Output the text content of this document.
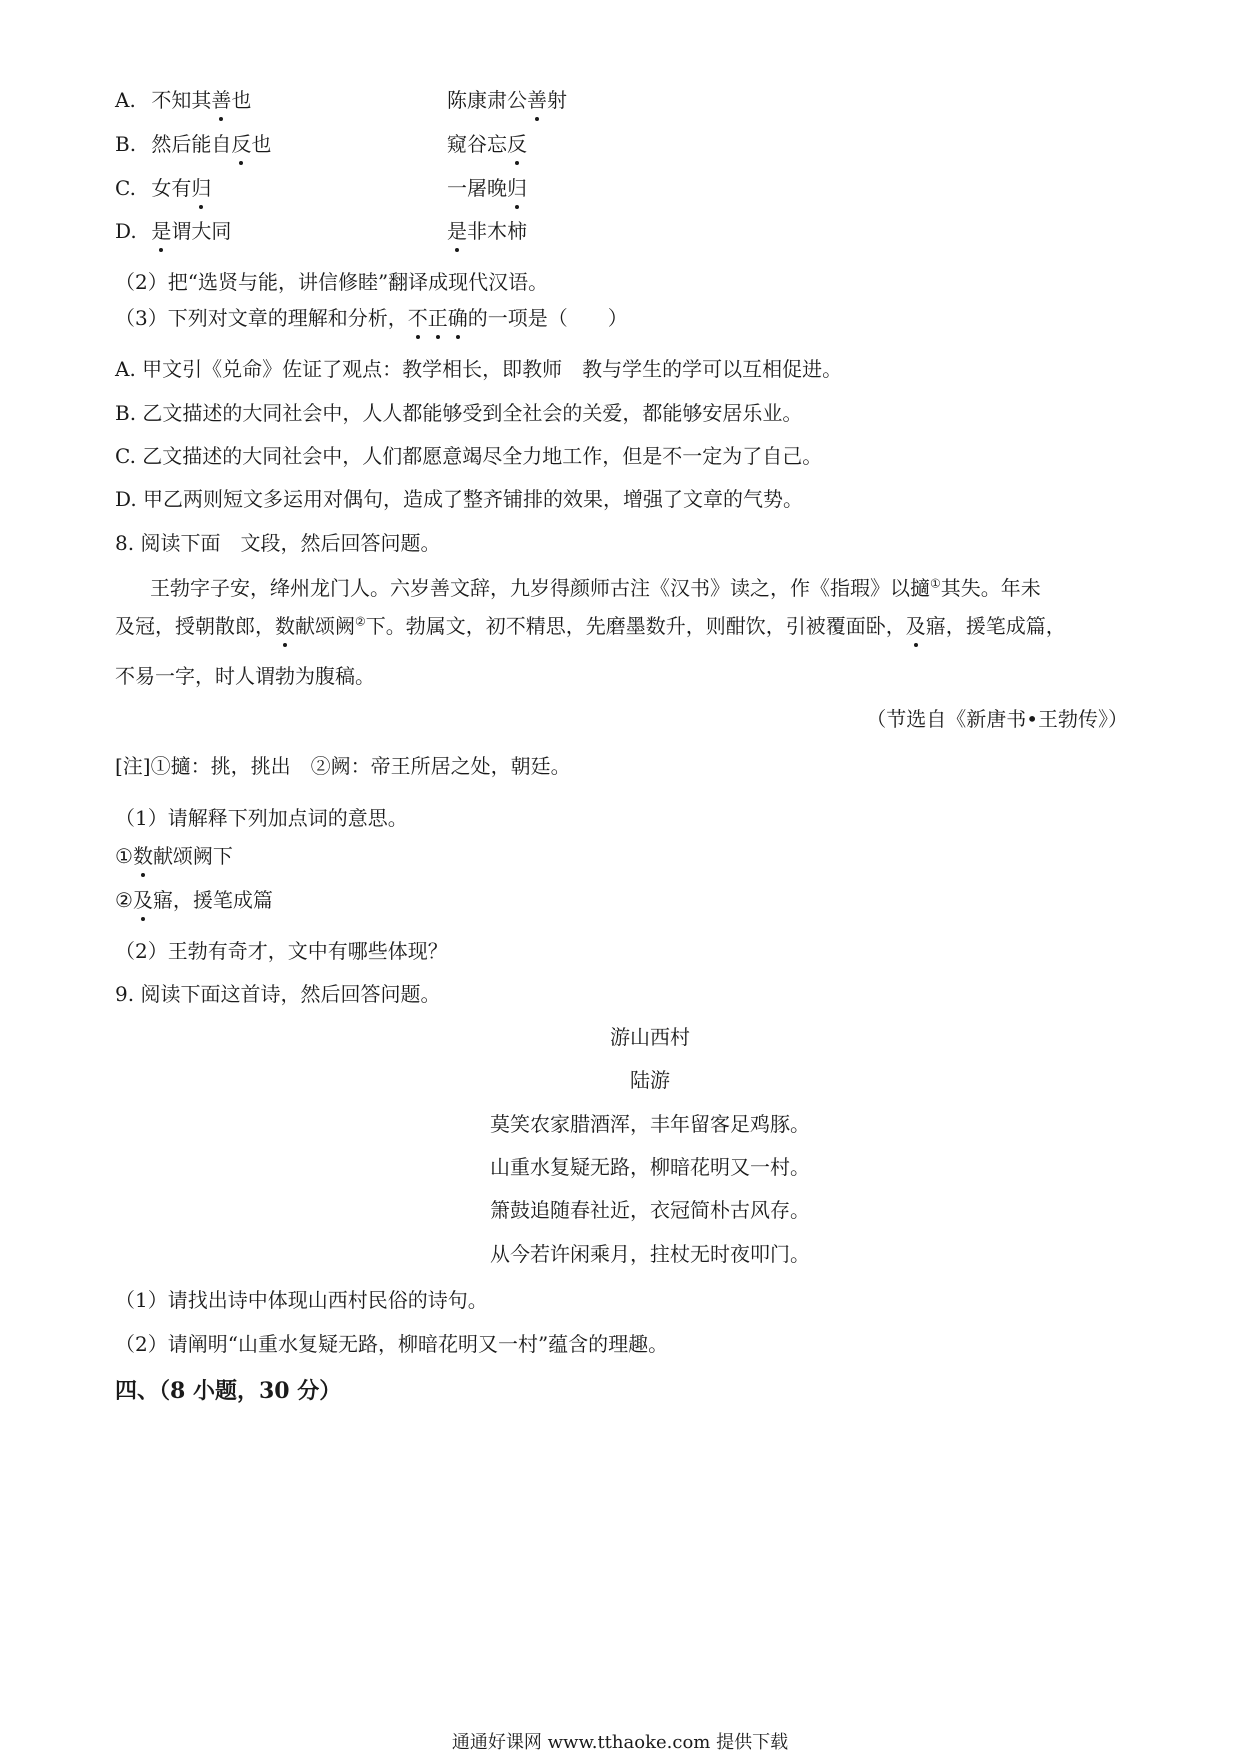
A. 不知其善也	陈康肃公善射

B. 然后能自反也	窥谷忘反

C. 女有归	一屠晚归

D. 是谓大同	是非木柿

（2）把“选贤与能，讲信修睦”翻译成现代汉语。

（3）下列对文章的理解和分析，不正确的一项是（　　）

A. 甲文引《兑命》佐证了观点：教学相长，即教师　教与学生的学可以互相促进。

B. 乙文描述的大同社会中，人人都能够受到全社会的关爱，都能够安居乐业。

C. 乙文描述的大同社会中，人们都愿意竭尽全力地工作，但是不一定为了自己。

D. 甲乙两则短文多运用对偶句，造成了整齐铺排的效果，增强了文章的气势。

8. 阅读下面　文段，然后回答问题。

王勃字子安，绛州龙门人。六岁善文辞，九岁得颜师古注《汉书》读之，作《指瑕》以擿①其失。年未

及冠，授朝散郎，数献颂阙②下。勃属文，初不精思，先磨墨数升，则酣饮，引被覆面卧，及寤，援笔成篇，

不易一字，时人谓勃为腹稿。

（节选自《新唐书•王勃传》）

[注]①擿：挑，挑出　②阙：帝王所居之处，朝廷。

（1）请解释下列加点词的意思。

①数献颂阙下

②及寤，援笔成篇

（2）王勃有奇才，文中有哪些体现？

9. 阅读下面这首诗，然后回答问题。

游山西村

陆游

莫笑农家腊酒浑，丰年留客足鸡豚。

山重水复疑无路，柳暗花明又一村。

箫鼓追随春社近，衣冠简朴古风存。

从今若许闲乘月，拄杖无时夜叩门。

（1）请找出诗中体现山西村民俗的诗句。

（2）请阐明“山重水复疑无路，柳暗花明又一村”蕴含的理趣。

四、（8 小题，30 分）

通通好课网 www.tthaoke.com 提供下载
